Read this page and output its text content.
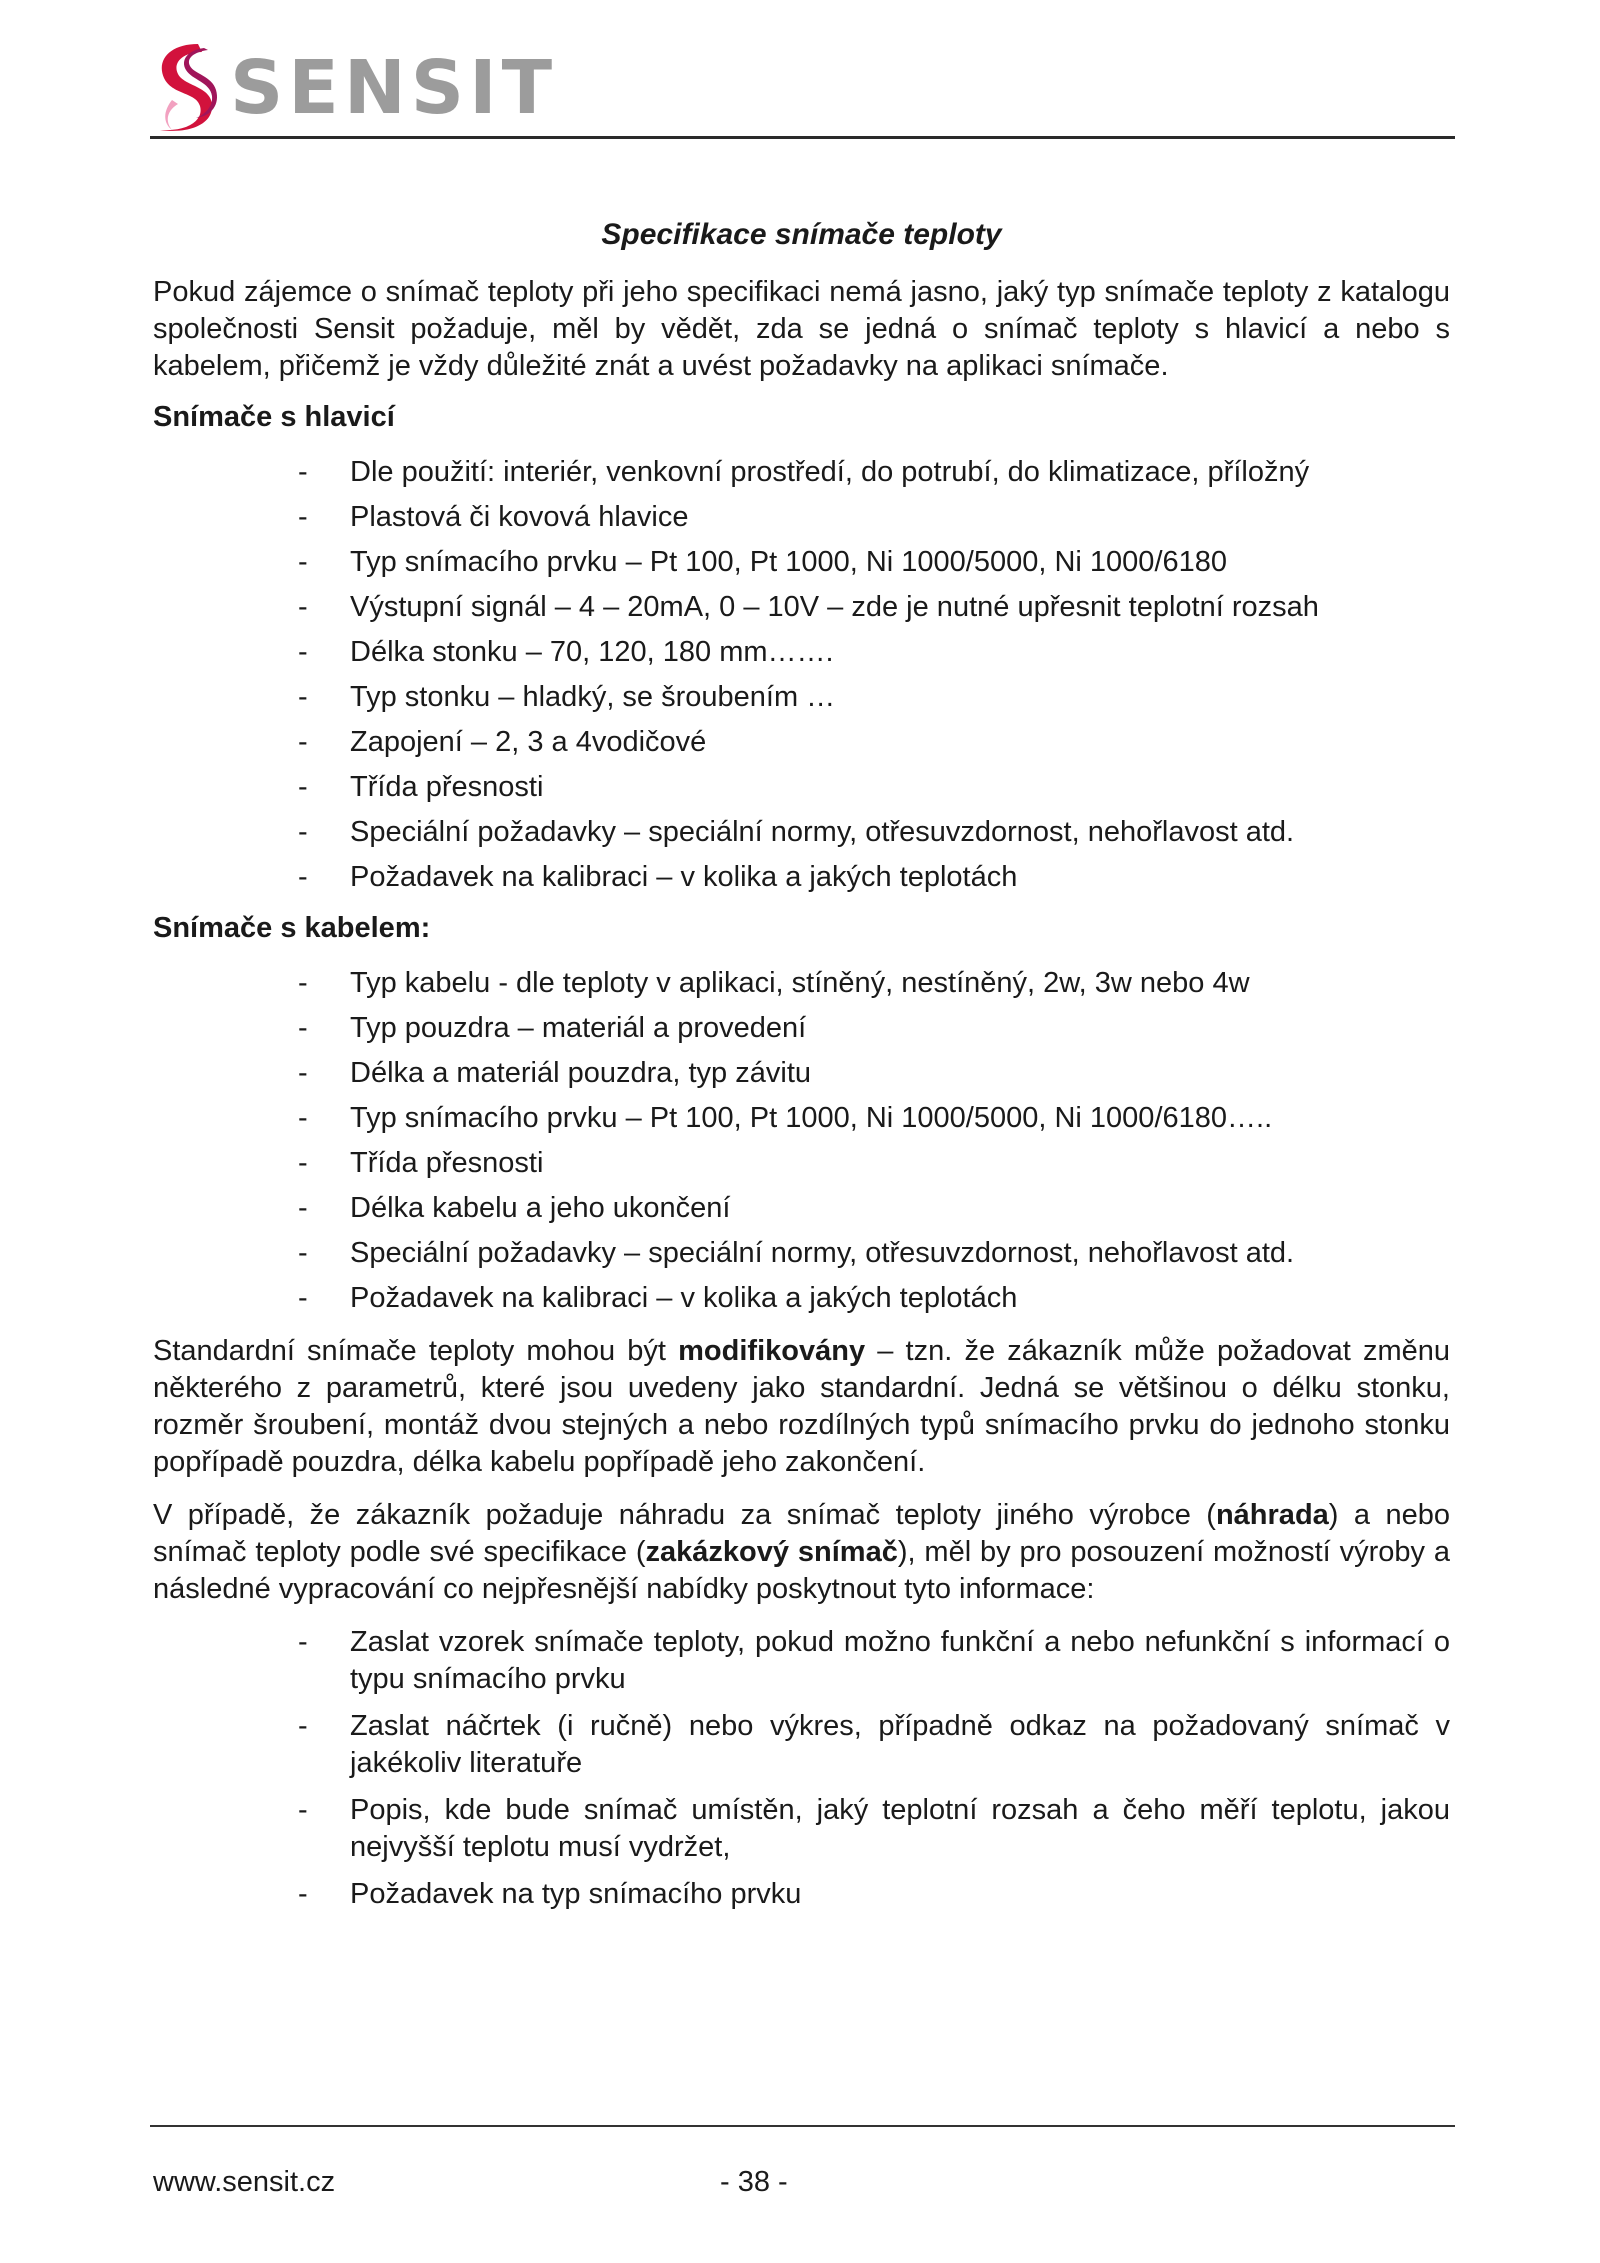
SENSIT
Specifikace snímače teploty

Pokud zájemce o snímač teploty při jeho specifikaci nemá jasno, jaký typ snímače teploty z katalogu společnosti Sensit požaduje, měl by vědět, zda se jedná o snímač teploty s hlavicí a nebo s kabelem, přičemž je vždy důležité znát a uvést požadavky na aplikaci snímače.

Snímače s hlavicí
- Dle použití: interiér, venkovní prostředí, do potrubí, do klimatizace, příložný
- Plastová či kovová hlavice
- Typ snímacího prvku – Pt 100, Pt 1000, Ni 1000/5000, Ni 1000/6180
- Výstupní signál – 4 – 20mA, 0 – 10V – zde je nutné upřesnit teplotní rozsah
- Délka stonku – 70, 120, 180 mm…….
- Typ stonku – hladký, se šroubením …
- Zapojení – 2, 3 a 4vodičové
- Třída přesnosti
- Speciální požadavky – speciální normy, otřesuvzdornost, nehořlavost atd.
- Požadavek na kalibraci – v kolika a jakých teplotách
Snímače s kabelem:
- Typ kabelu - dle teploty v aplikaci, stíněný, nestíněný, 2w, 3w nebo 4w
- Typ pouzdra – materiál a provedení
- Délka a materiál pouzdra, typ závitu
- Typ snímacího prvku – Pt 100, Pt 1000, Ni 1000/5000, Ni 1000/6180…..
- Třída přesnosti
- Délka kabelu a jeho ukončení
- Speciální požadavky – speciální normy, otřesuvzdornost, nehořlavost atd.
- Požadavek na kalibraci – v kolika a jakých teplotách

Standardní snímače teploty mohou být modifikovány – tzn. že zákazník může požadovat změnu některého z parametrů, které jsou uvedeny jako standardní. Jedná se většinou o délku stonku, rozměr šroubení, montáž dvou stejných a nebo rozdílných typů snímacího prvku do jednoho stonku popřípadě pouzdra, délka kabelu popřípadě jeho zakončení.

V případě, že zákazník požaduje náhradu za snímač teploty jiného výrobce (náhrada) a nebo snímač teploty podle své specifikace (zakázkový snímač), měl by pro posouzení možností výroby a následné vypracování co nejpřesnější nabídky poskytnout tyto informace:

- Zaslat vzorek snímače teploty, pokud možno funkční a nebo nefunkční s informací o typu snímacího prvku
- Zaslat náčrtek (i ručně) nebo výkres, případně odkaz na požadovaný snímač v jakékoliv literatuře
- Popis, kde bude snímač umístěn, jaký teplotní rozsah a čeho měří teplotu, jakou nejvyšší teplotu musí vydržet,
- Požadavek na typ snímacího prvku
www.sensit.cz	- 38 -
